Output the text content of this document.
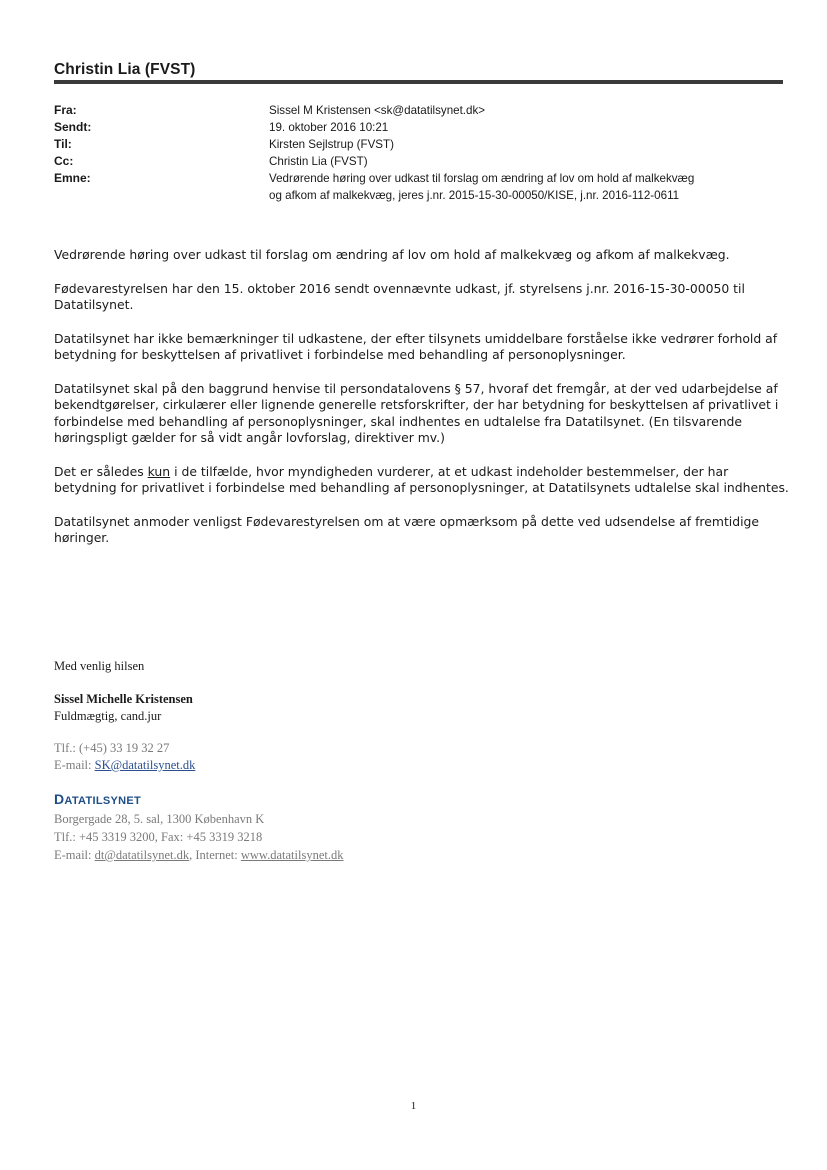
Christin Lia (FVST)
Fra:	Sissel M Kristensen <sk@datatilsynet.dk>
Sendt:	19. oktober 2016 10:21
Til:	Kirsten Sejlstrup (FVST)
Cc:	Christin Lia (FVST)
Emne:	Vedrørende høring over udkast til forslag om ændring af lov om hold af malkekvæg
og afkom af malkekvæg, jeres j.nr. 2015-15-30-00050/KISE, j.nr. 2016-112-0611

Vedrørende høring over udkast til forslag om ændring af lov om hold af malkekvæg og afkom af malkekvæg.

Fødevarestyrelsen har den 15. oktober 2016 sendt ovennævnte udkast, jf. styrelsens j.nr. 2016-15-30-00050 til Datatilsynet.

Datatilsynet har ikke bemærkninger til udkastene, der efter tilsynets umiddelbare forståelse ikke vedrører forhold af betydning for beskyttelsen af privatlivet i forbindelse med behandling af personoplysninger.

Datatilsynet skal på den baggrund henvise til persondatalovens § 57, hvoraf det fremgår, at der ved udarbejdelse af bekendtgørelser, cirkulærer eller lignende generelle retsforskrifter, der har betydning for beskyttelsen af privatlivet i forbindelse med behandling af personoplysninger, skal indhentes en udtalelse fra Datatilsynet. (En tilsvarende høringspligt gælder for så vidt angår lovforslag, direktiver mv.)

Det er således kun i de tilfælde, hvor myndigheden vurderer, at et udkast indeholder bestemmelser, der har betydning for privatlivet i forbindelse med behandling af personoplysninger, at Datatilsynets udtalelse skal indhentes.

Datatilsynet anmoder venligst Fødevarestyrelsen om at være opmærksom på dette ved udsendelse af fremtidige høringer.

Med venlig hilsen
Sissel Michelle Kristensen
Fuldmægtig, cand.jur
Tlf.: (+45) 33 19 32 27
E-mail: SK@datatilsynet.dk
DATATILSYNET
Borgergade 28, 5. sal, 1300 København K
Tlf.: +45 3319 3200, Fax: +45 3319 3218
E-mail: dt@datatilsynet.dk, Internet: www.datatilsynet.dk
1
